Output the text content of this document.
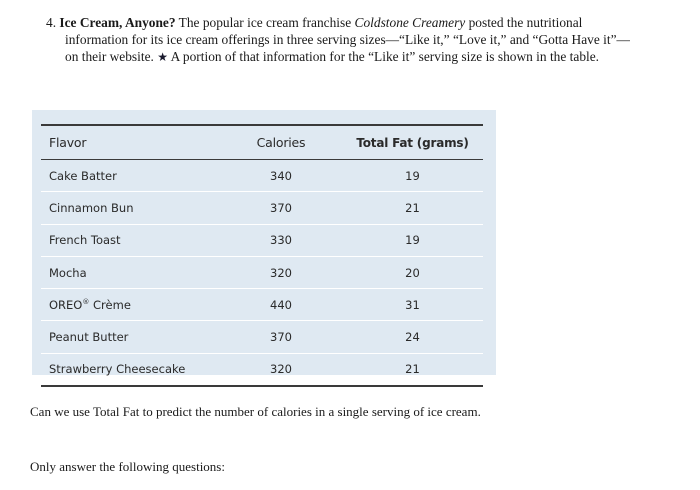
4. Ice Cream, Anyone? The popular ice cream franchise Coldstone Creamery posted the nutritional
information for its ice cream offerings in three serving sizes—“Like it,” “Love it,” and “Gotta Have it”—
on their website. ★ A portion of that information for the “Like it” serving size is shown in the table.
Flavor	Calories	Total Fat (grams)
Cake Batter	340	19
Cinnamon Bun	370	21
French Toast	330	19
Mocha	320	20
OREO® Crème	440	31
Peanut Butter	370	24
Strawberry Cheesecake	320	21
Can we use Total Fat to predict the number of calories in a single serving of ice cream.
Only answer the following questions:
